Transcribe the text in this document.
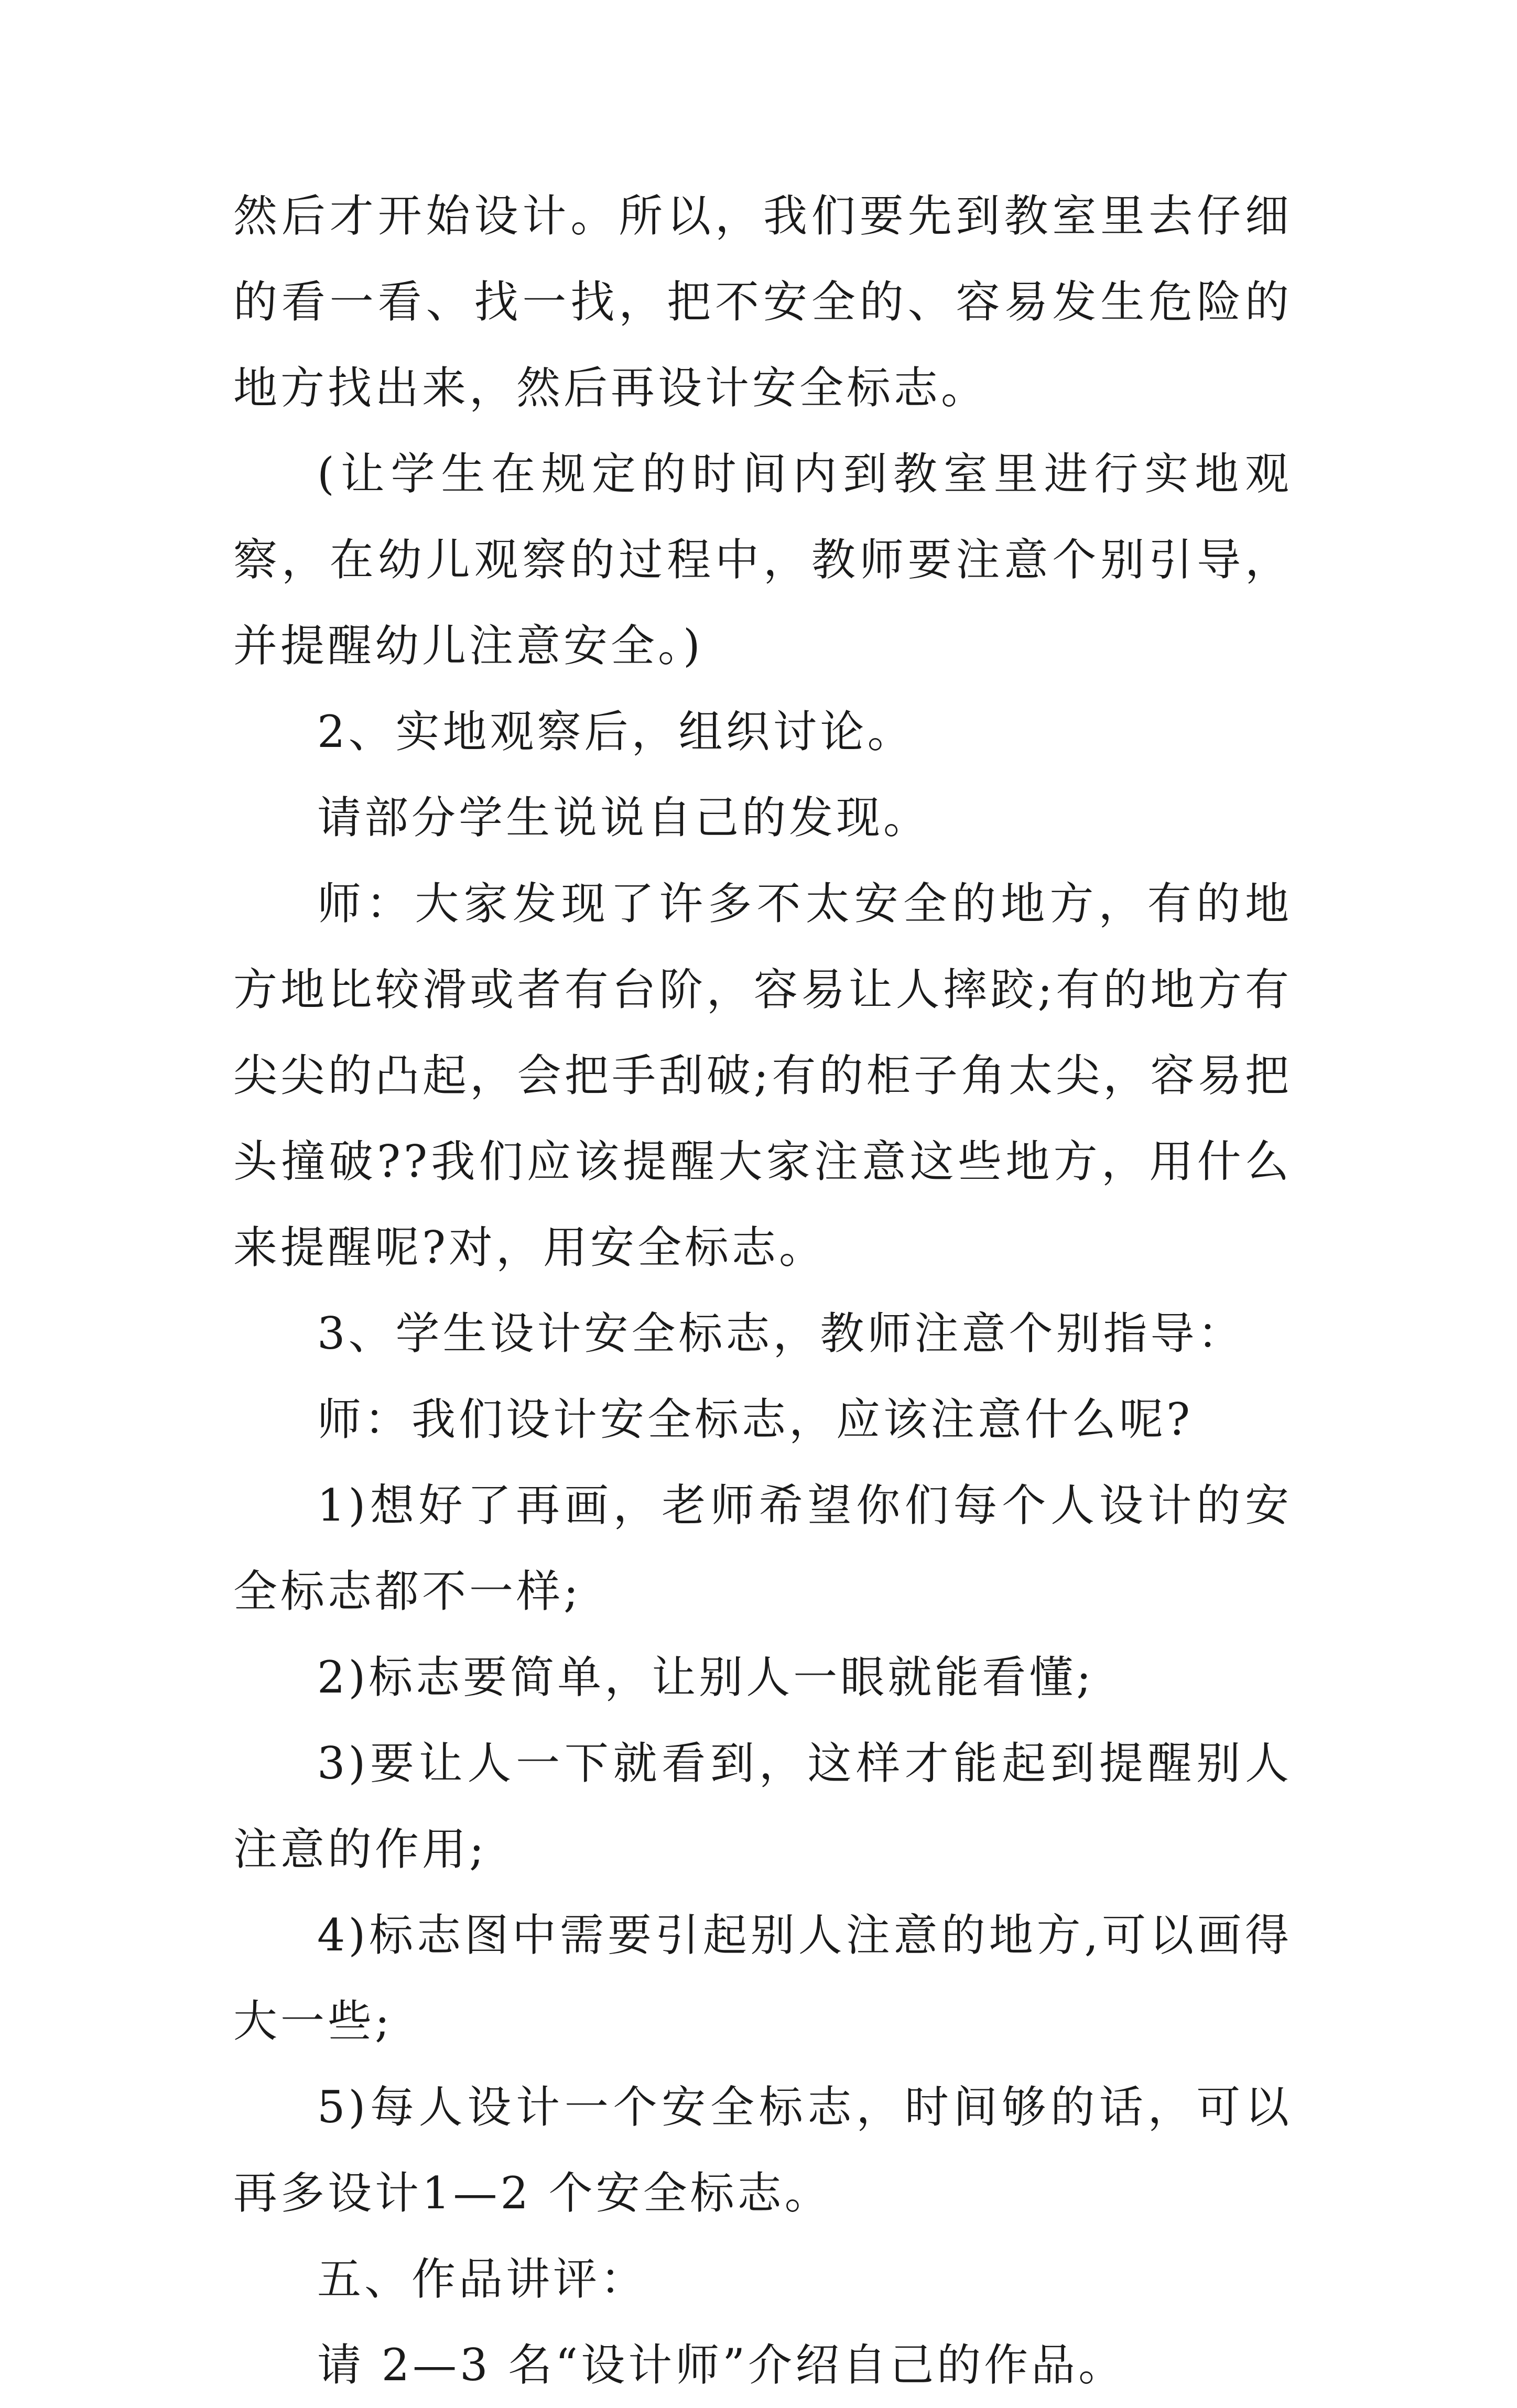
然后才开始设计。所以，我们要先到教室里去仔细的看一看、找一找，把不安全的、容易发生危险的地方找出来，然后再设计安全标志。

(让学生在规定的时间内到教室里进行实地观察，在幼儿观察的过程中，教师要注意个别引导，并提醒幼儿注意安全。)

2、实地观察后，组织讨论。

请部分学生说说自己的发现。

师：大家发现了许多不太安全的地方，有的地方地比较滑或者有台阶，容易让人摔跤;有的地方有尖尖的凸起，会把手刮破;有的柜子角太尖，容易把头撞破??我们应该提醒大家注意这些地方，用什么来提醒呢?对，用安全标志。

3、学生设计安全标志，教师注意个别指导：

师：我们设计安全标志，应该注意什么呢?

1)想好了再画，老师希望你们每个人设计的安全标志都不一样;

2)标志要简单，让别人一眼就能看懂;

3)要让人一下就看到，这样才能起到提醒别人注意的作用;

4)标志图中需要引起别人注意的地方,可以画得大一些;

5)每人设计一个安全标志，时间够的话，可以再多设计1—2 个安全标志。

五、作品讲评：

请 2—3 名“设计师”介绍自己的作品。
